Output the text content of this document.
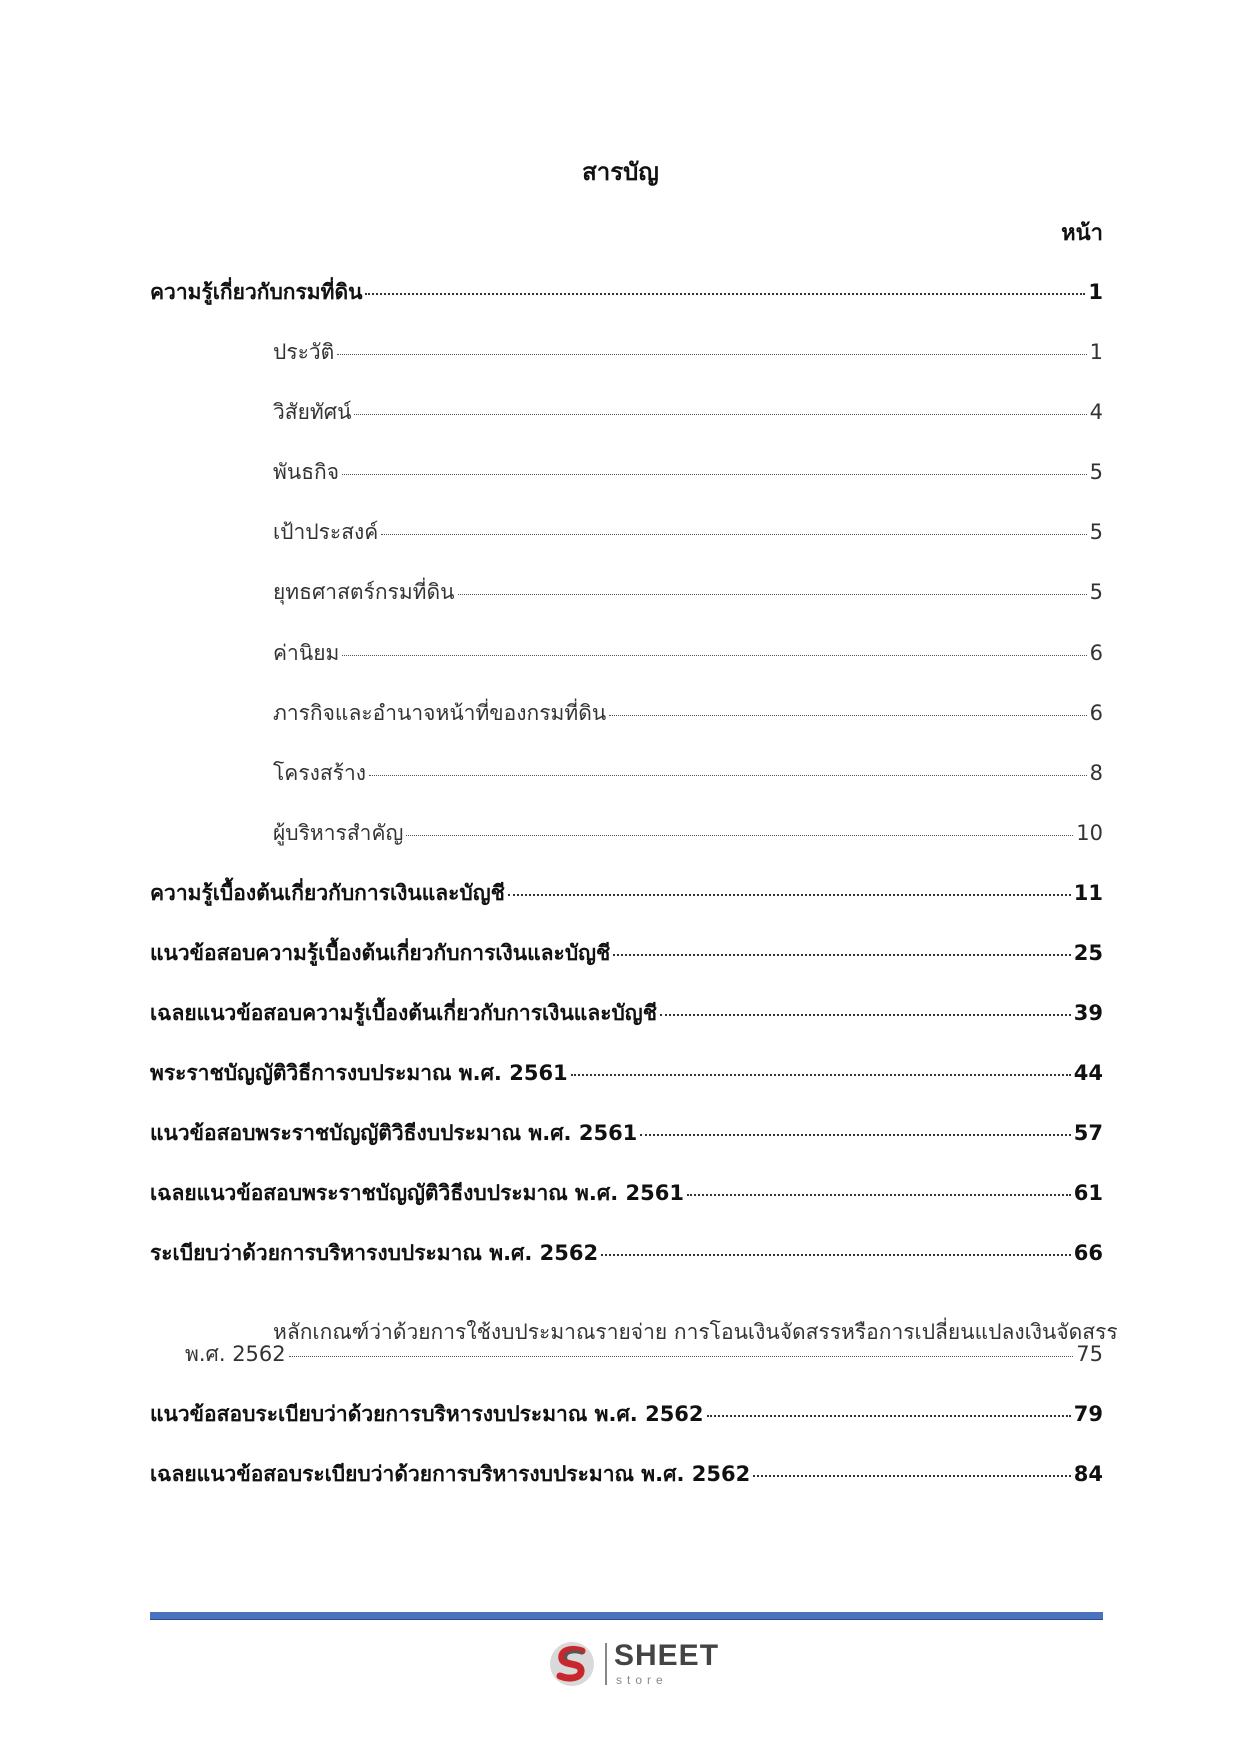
สารบัญ
หน้า
ความรู้เกี่ยวกับกรมที่ดิน	1
ประวัติ	1
วิสัยทัศน์	4
พันธกิจ	5
เป้าประสงค์	5
ยุทธศาสตร์กรมที่ดิน	5
ค่านิยม	6
ภารกิจและอำนาจหน้าที่ของกรมที่ดิน	6
โครงสร้าง	8
ผู้บริหารสำคัญ	10
ความรู้เบื้องต้นเกี่ยวกับการเงินและบัญชี	11
แนวข้อสอบความรู้เบื้องต้นเกี่ยวกับการเงินและบัญชี	25
เฉลยแนวข้อสอบความรู้เบื้องต้นเกี่ยวกับการเงินและบัญชี	39
พระราชบัญญัติวิธีการงบประมาณ พ.ศ. 2561	44
แนวข้อสอบพระราชบัญญัติวิธีงบประมาณ พ.ศ. 2561	57
เฉลยแนวข้อสอบพระราชบัญญัติวิธีงบประมาณ พ.ศ. 2561	61
ระเบียบว่าด้วยการบริหารงบประมาณ พ.ศ. 2562	66
หลักเกณฑ์ว่าด้วยการใช้งบประมาณรายจ่าย การโอนเงินจัดสรรหรือการเปลี่ยนแปลงเงินจัดสรร
พ.ศ. 2562	75
แนวข้อสอบระเบียบว่าด้วยการบริหารงบประมาณ พ.ศ. 2562	79
เฉลยแนวข้อสอบระเบียบว่าด้วยการบริหารงบประมาณ พ.ศ. 2562	84
SHEET
store
